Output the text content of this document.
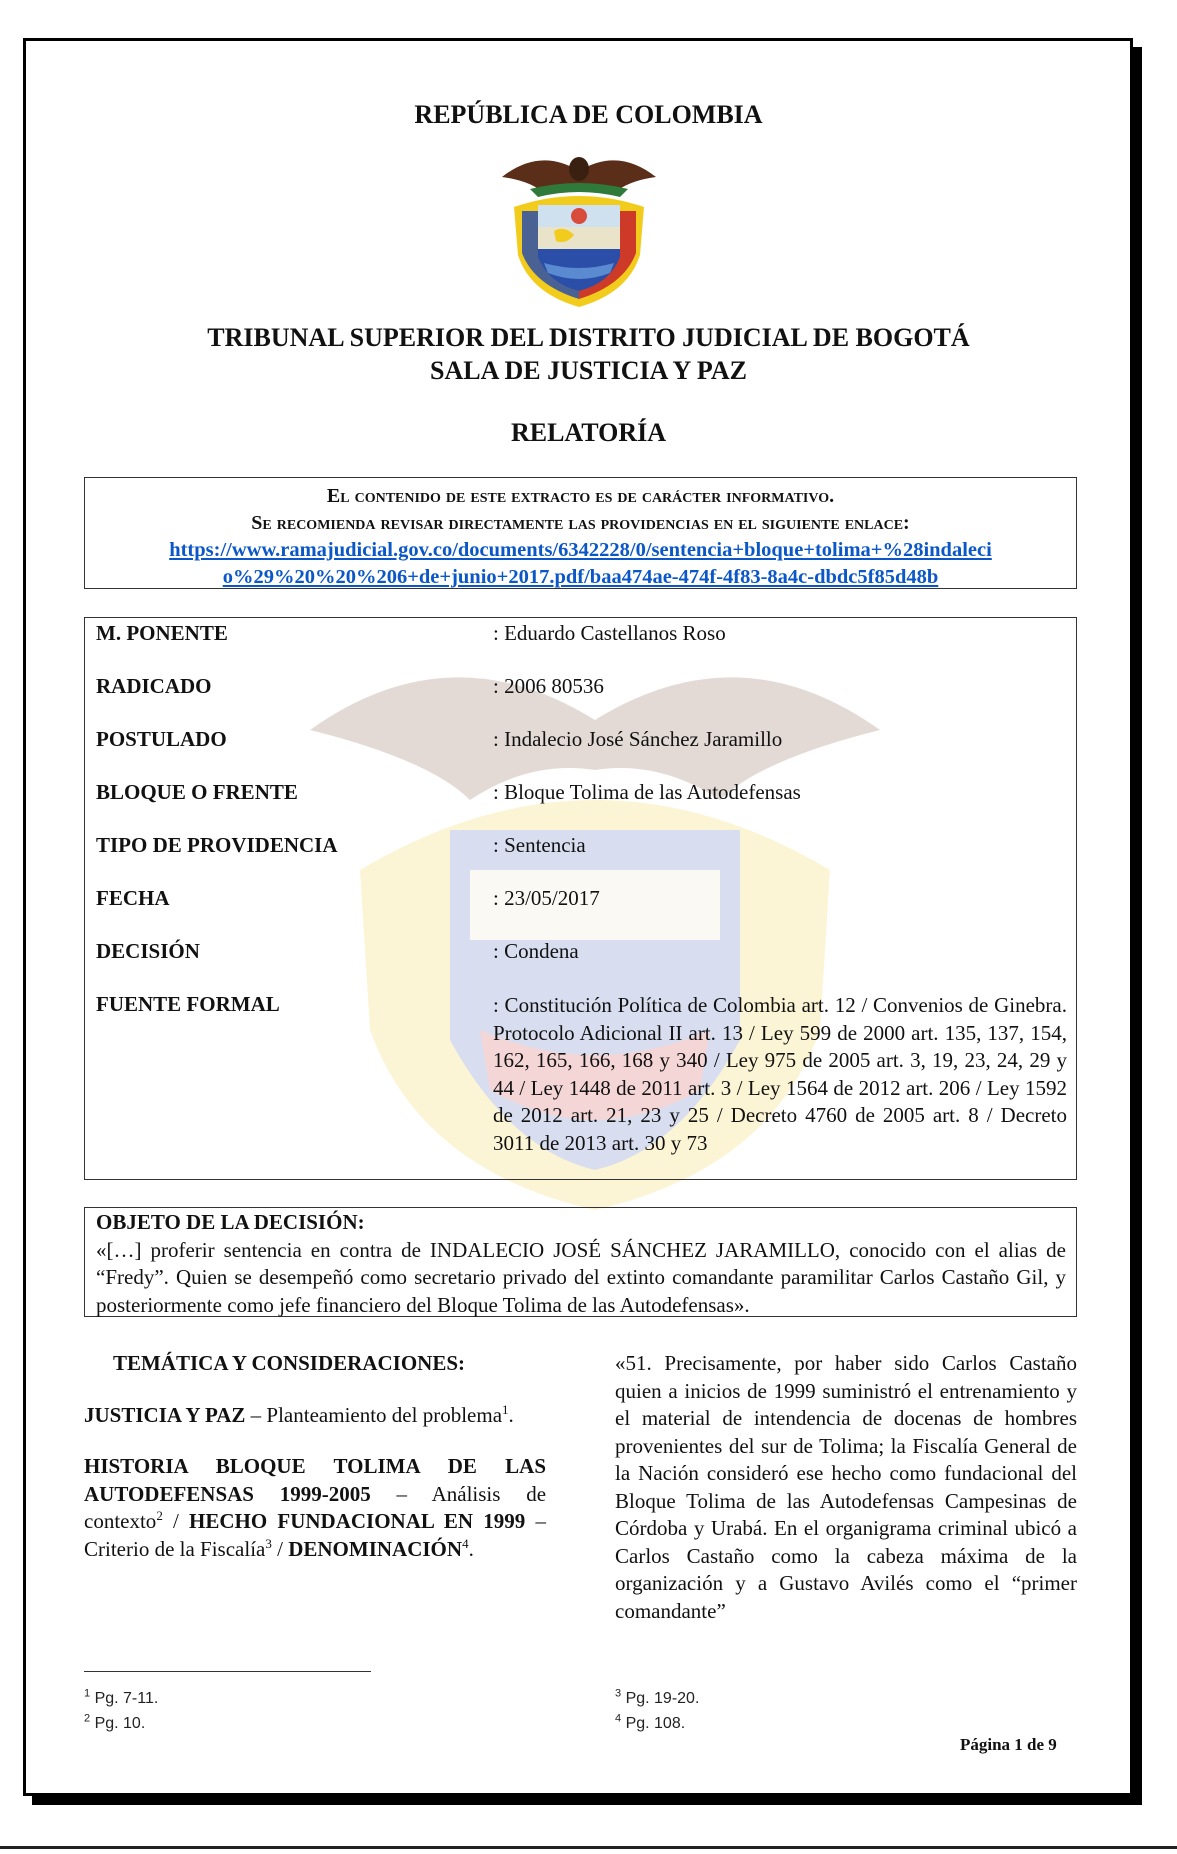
REPÚBLICA DE COLOMBIA
TRIBUNAL SUPERIOR DEL DISTRITO JUDICIAL DE BOGOTÁ
SALA DE JUSTICIA Y PAZ
RELATORÍA
El contenido de este extracto es de carácter informativo.
Se recomienda revisar directamente las providencias en el siguiente enlace:
https://www.ramajudicial.gov.co/documents/6342228/0/sentencia+bloque+tolima+%28indaleci
o%29%20%20%206+de+junio+2017.pdf/baa474ae-474f-4f83-8a4c-dbdc5f85d48b
M. PONENTE	: Eduardo Castellanos Roso
RADICADO	: 2006 80536
POSTULADO	: Indalecio José Sánchez Jaramillo
BLOQUE O FRENTE	: Bloque Tolima de las Autodefensas
TIPO DE PROVIDENCIA	: Sentencia
FECHA	: 23/05/2017
DECISIÓN	: Condena
FUENTE FORMAL	: Constitución Política de Colombia art. 12 / Convenios de Ginebra. Protocolo Adicional II art. 13 / Ley 599 de 2000 art. 135, 137, 154, 162, 165, 166, 168 y 340 / Ley 975 de 2005 art. 3, 19, 23, 24, 29 y 44 / Ley 1448 de 2011 art. 3 / Ley 1564 de 2012 art. 206 / Ley 1592 de 2012 art. 21, 23 y 25 / Decreto 4760 de 2005 art. 8 / Decreto 3011 de 2013 art. 30 y 73
OBJETO DE LA DECISIÓN:
«[…] proferir sentencia en contra de INDALECIO JOSÉ SÁNCHEZ JARAMILLO, conocido con el alias de “Fredy”. Quien se desempeñó como secretario privado del extinto comandante paramilitar Carlos Castaño Gil, y posteriormente como jefe financiero del Bloque Tolima de las Autodefensas».
TEMÁTICA Y CONSIDERACIONES:

JUSTICIA Y PAZ – Planteamiento del problema$^1$.

HISTORIA BLOQUE TOLIMA DE LAS AUTODEFENSAS 1999-2005 – Análisis de contexto$^2$ / HECHO FUNDACIONAL EN 1999 – Criterio de la Fiscalía$^3$ / DENOMINACIÓN$^4$.

«51. Precisamente, por haber sido Carlos Castaño quien a inicios de 1999 suministró el entrenamiento y el material de intendencia de docenas de hombres provenientes del sur de Tolima; la Fiscalía General de la Nación consideró ese hecho como fundacional del Bloque Tolima de las Autodefensas Campesinas de Córdoba y Urabá. En el organigrama criminal ubicó a Carlos Castaño como la cabeza máxima de la organización y a Gustavo Avilés como el “primer comandante”

$^1$ Pg. 7-11.
$^2$ Pg. 10.
$^3$ Pg. 19-20.
$^4$ Pg. 108.
Página 1 de 9
